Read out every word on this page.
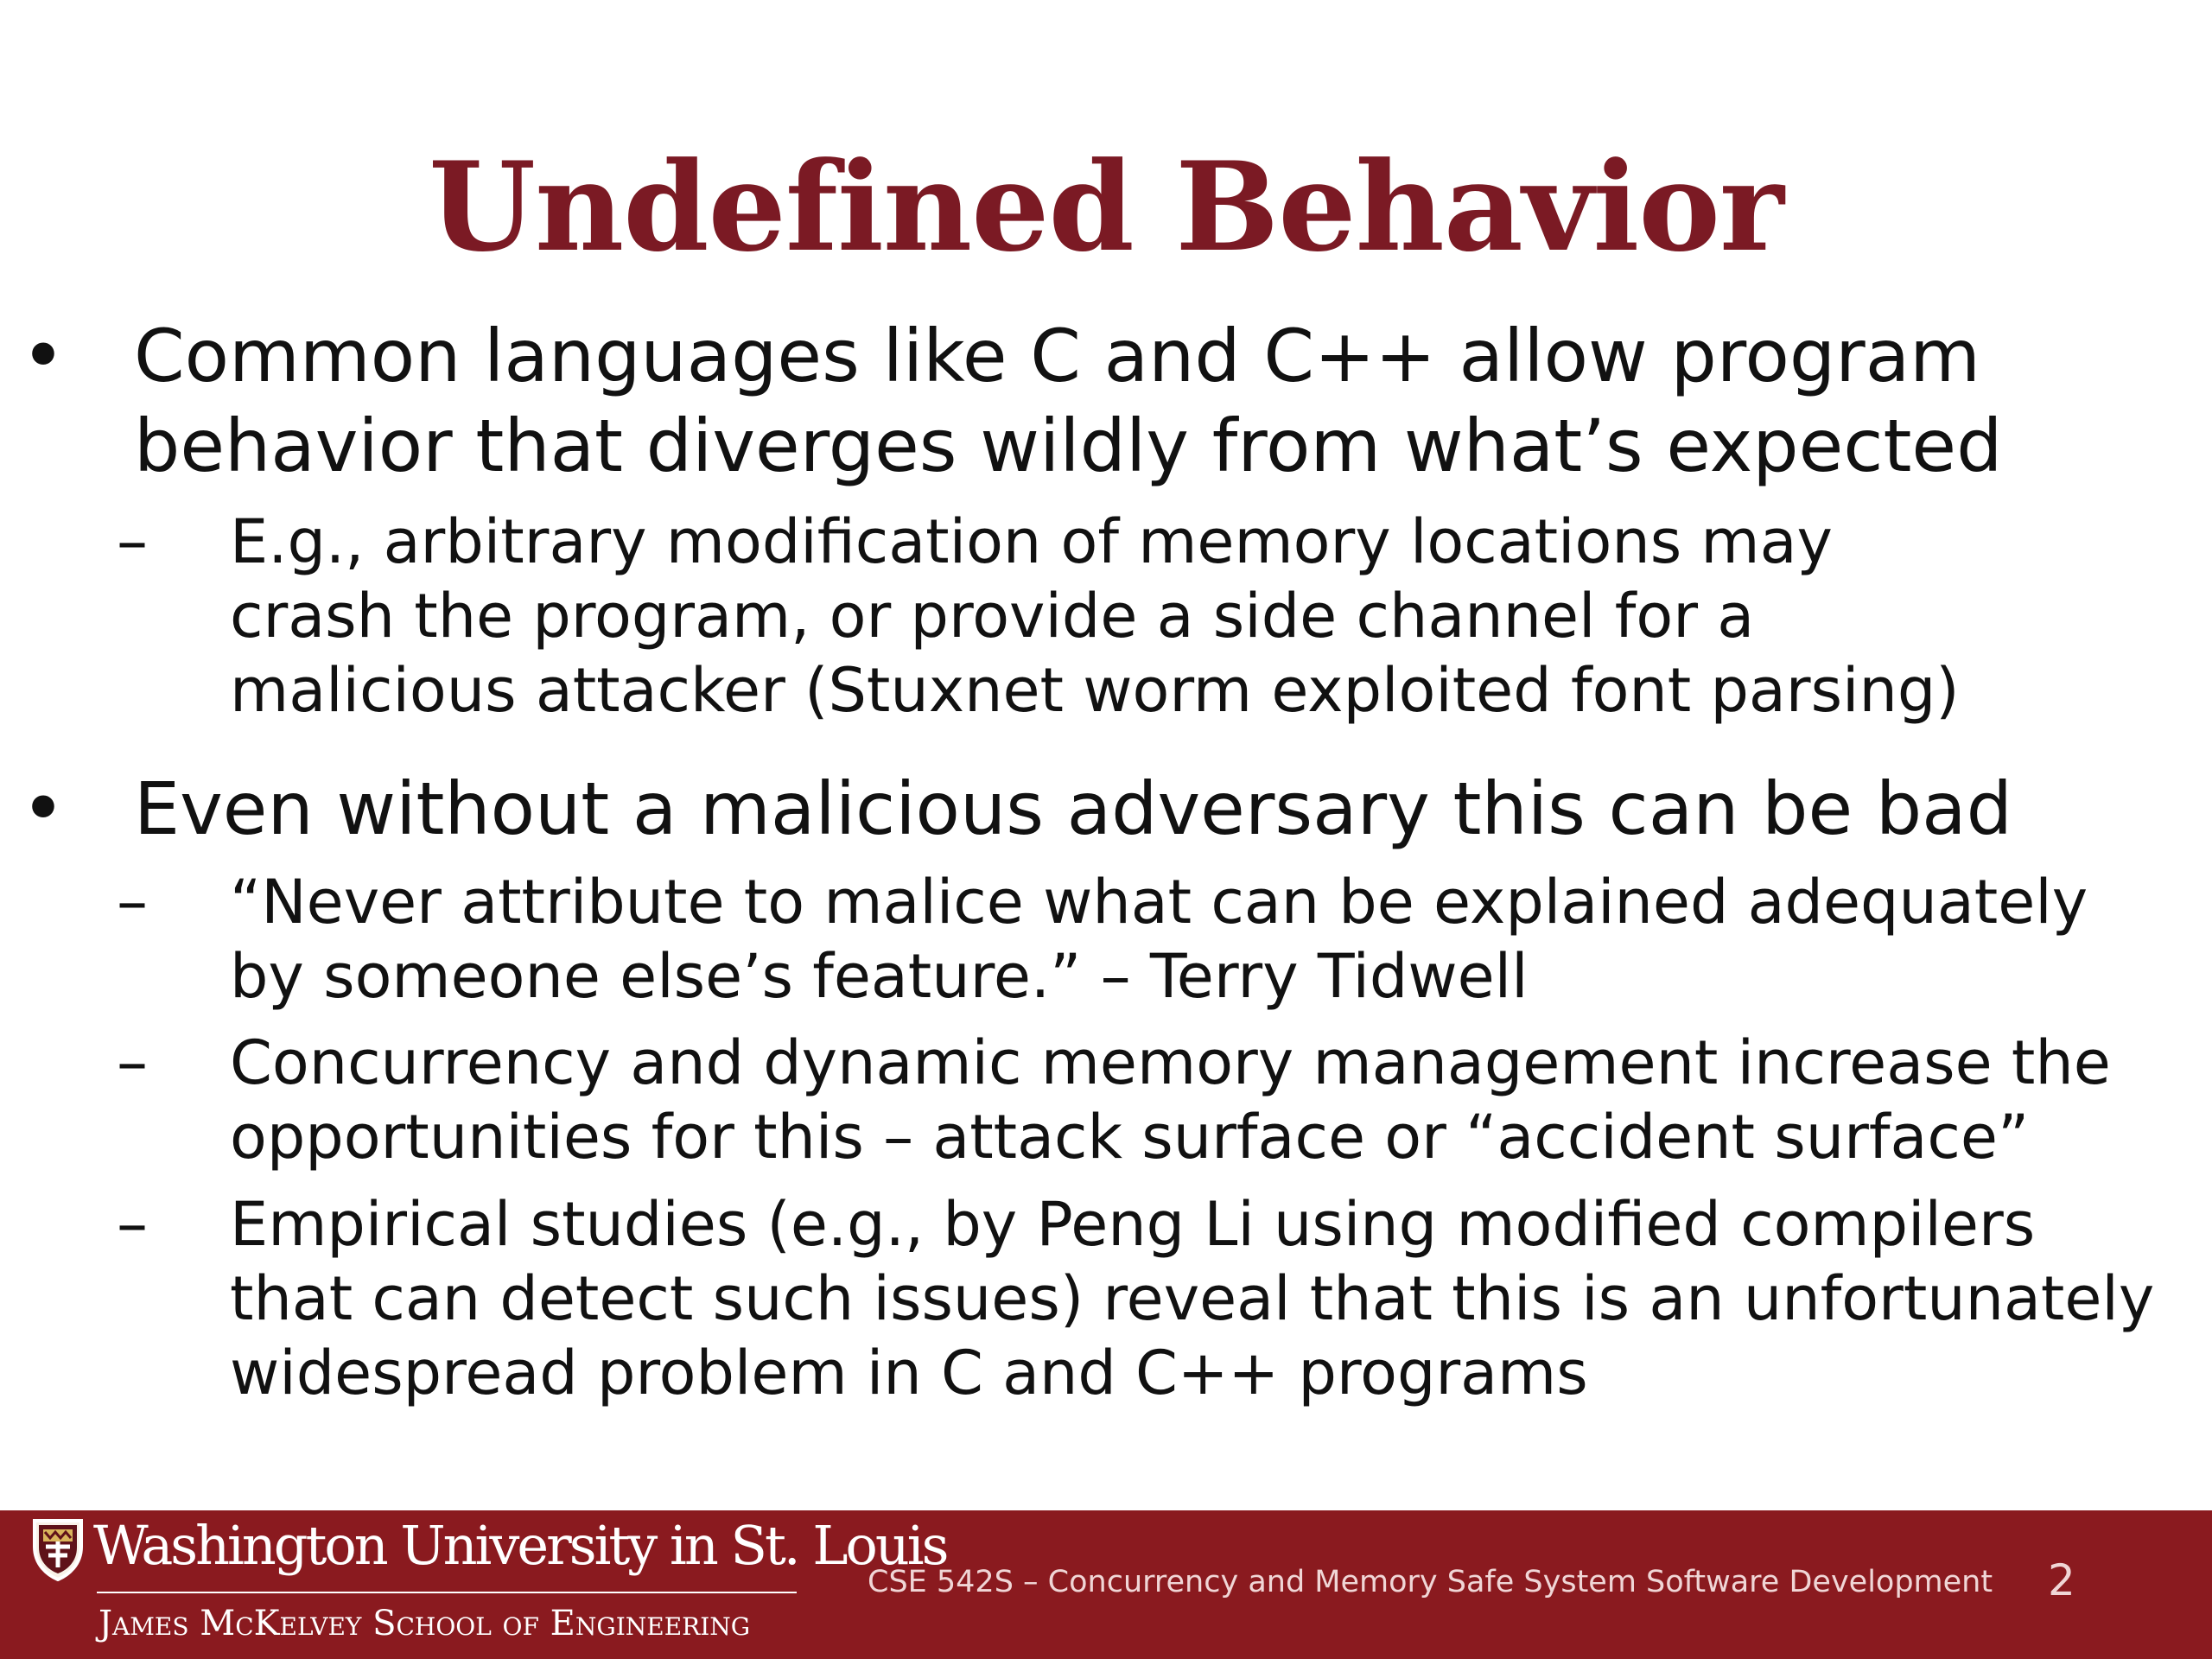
Undefined Behavior
• Common languages like C and C++ allow program
behavior that diverges wildly from what’s expected
– E.g., arbitrary modification of memory locations may
crash the program, or provide a side channel for a
malicious attacker (Stuxnet worm exploited font parsing)
• Even without a malicious adversary this can be bad
– “Never attribute to malice what can be explained adequately
by someone else’s feature.” – Terry Tidwell
– Concurrency and dynamic memory management increase the
opportunities for this – attack surface or “accident surface”
– Empirical studies (e.g., by Peng Li using modified compilers
that can detect such issues) reveal that this is an unfortunately
widespread problem in C and C++ programs
Washington University in St. Louis
James McKelvey School of Engineering
CSE 542S – Concurrency and Memory Safe System Software Development 2
